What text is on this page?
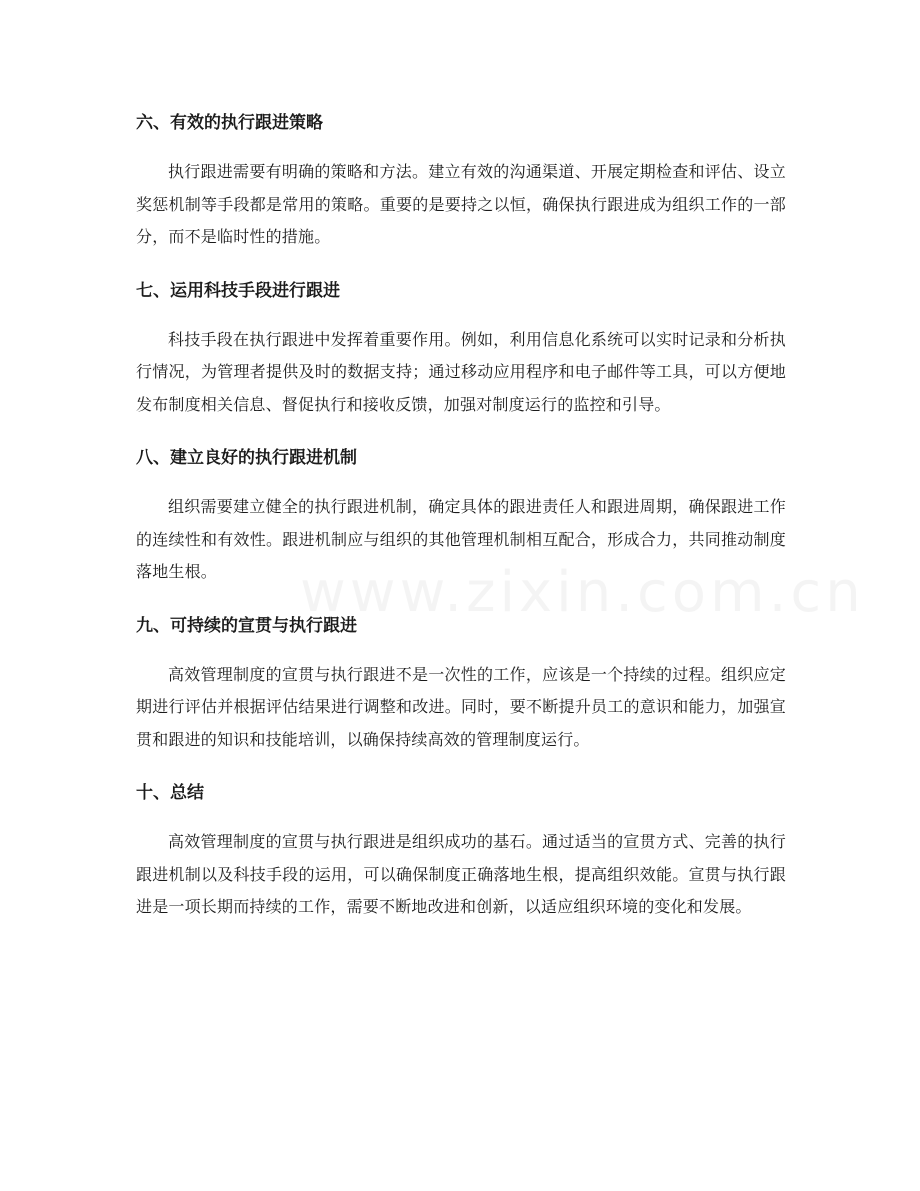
六、有效的执行跟进策略

执行跟进需要有明确的策略和方法。建立有效的沟通渠道、开展定期检查和评估、设立奖惩机制等手段都是常用的策略。重要的是要持之以恒，确保执行跟进成为组织工作的一部分，而不是临时性的措施。

七、运用科技手段进行跟进

科技手段在执行跟进中发挥着重要作用。例如，利用信息化系统可以实时记录和分析执行情况，为管理者提供及时的数据支持；通过移动应用程序和电子邮件等工具，可以方便地发布制度相关信息、督促执行和接收反馈，加强对制度运行的监控和引导。

八、建立良好的执行跟进机制

组织需要建立健全的执行跟进机制，确定具体的跟进责任人和跟进周期，确保跟进工作的连续性和有效性。跟进机制应与组织的其他管理机制相互配合，形成合力，共同推动制度落地生根。

九、可持续的宣贯与执行跟进

高效管理制度的宣贯与执行跟进不是一次性的工作，应该是一个持续的过程。组织应定期进行评估并根据评估结果进行调整和改进。同时，要不断提升员工的意识和能力，加强宣贯和跟进的知识和技能培训，以确保持续高效的管理制度运行。

十、总结

高效管理制度的宣贯与执行跟进是组织成功的基石。通过适当的宣贯方式、完善的执行跟进机制以及科技手段的运用，可以确保制度正确落地生根，提高组织效能。宣贯与执行跟进是一项长期而持续的工作，需要不断地改进和创新，以适应组织环境的变化和发展。
